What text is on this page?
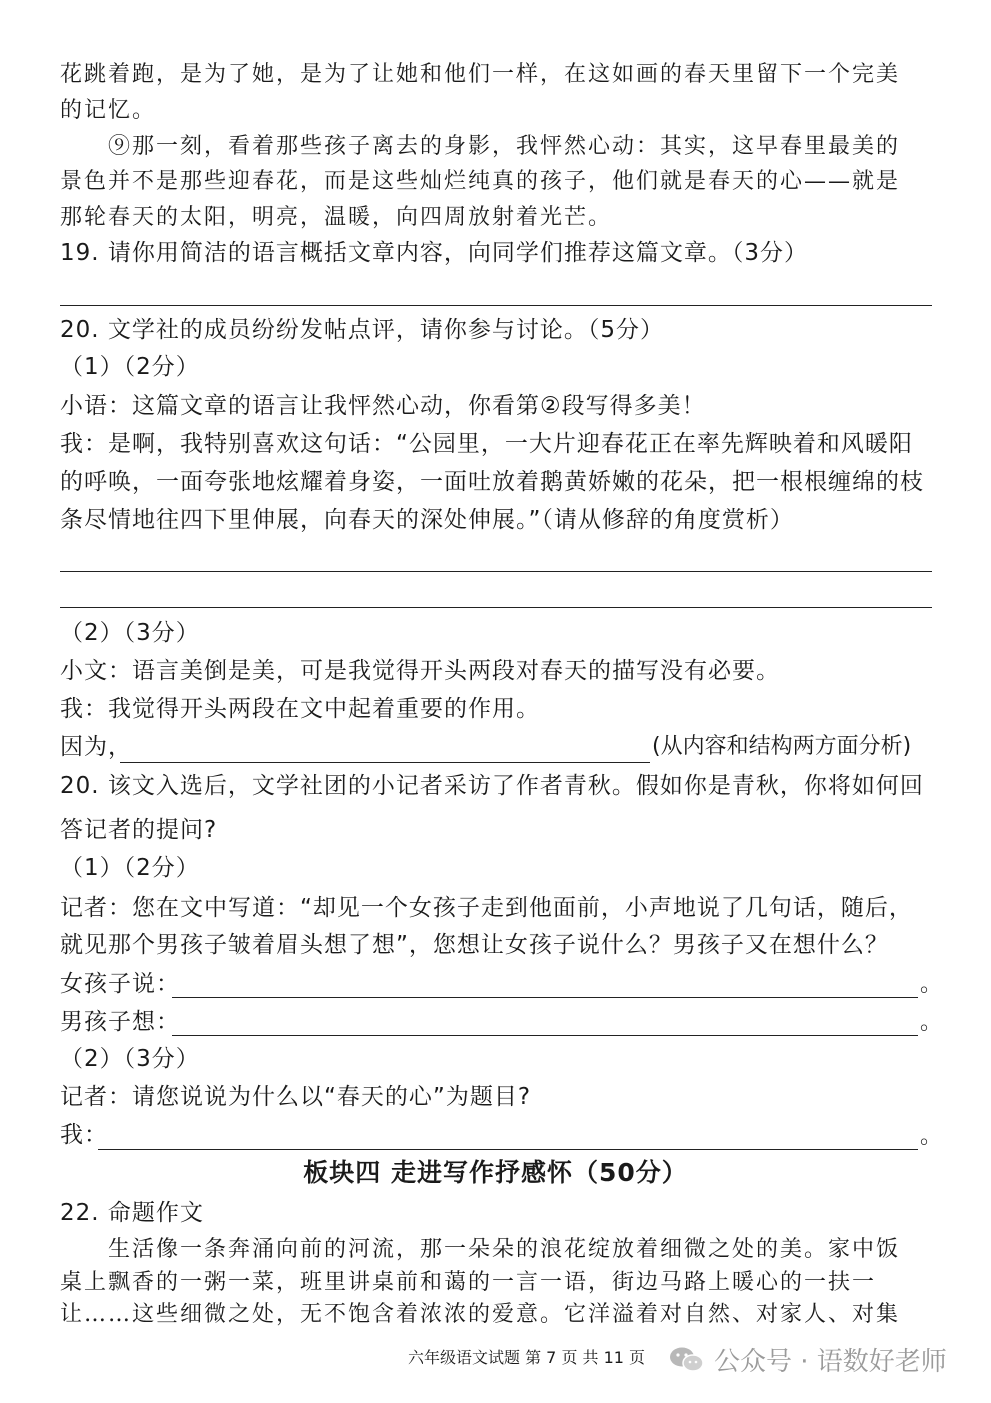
花跳着跑，是为了她，是为了让她和他们一样，在这如画的春天里留下一个完美
的记忆。
⑨那一刻，看着那些孩子离去的身影，我怦然心动：其实，这早春里最美的
景色并不是那些迎春花，而是这些灿烂纯真的孩子，他们就是春天的心——就是
那轮春天的太阳，明亮，温暖，向四周放射着光芒。
19. 请你用简洁的语言概括文章内容，向同学们推荐这篇文章。（3分）
20. 文学社的成员纷纷发帖点评，请你参与讨论。（5分）
（1）（2分）
小语：这篇文章的语言让我怦然心动，你看第②段写得多美！
我：是啊，我特别喜欢这句话：“公园里，一大片迎春花正在率先辉映着和风暖阳
的呼唤，一面夸张地炫耀着身姿，一面吐放着鹅黄娇嫩的花朵，把一根根缠绵的枝
条尽情地往四下里伸展，向春天的深处伸展。”（请从修辞的角度赏析）
（2）（3分）
小文：语言美倒是美，可是我觉得开头两段对春天的描写没有必要。
我：我觉得开头两段在文中起着重要的作用。
因为，	(从内容和结构两方面分析)
20. 该文入选后，文学社团的小记者采访了作者青秋。假如你是青秋，你将如何回
答记者的提问?
（1）（2分）
记者：您在文中写道：“却见一个女孩子走到他面前，小声地说了几句话，随后，
就见那个男孩子皱着眉头想了想”，您想让女孩子说什么？男孩子又在想什么？
女孩子说：	。
男孩子想：	。
（2）（3分）
记者：请您说说为什么以“春天的心”为题目?
我：	。
板块四 走进写作抒感怀（50分）
22. 命题作文
生活像一条奔涌向前的河流，那一朵朵的浪花绽放着细微之处的美。家中饭
桌上飘香的一粥一菜，班里讲桌前和蔼的一言一语，街边马路上暖心的一扶一
让……这些细微之处，无不饱含着浓浓的爱意。它洋溢着对自然、对家人、对集
六年级语文试题 第 7 页 共 11 页	公众号 · 语数好老师
